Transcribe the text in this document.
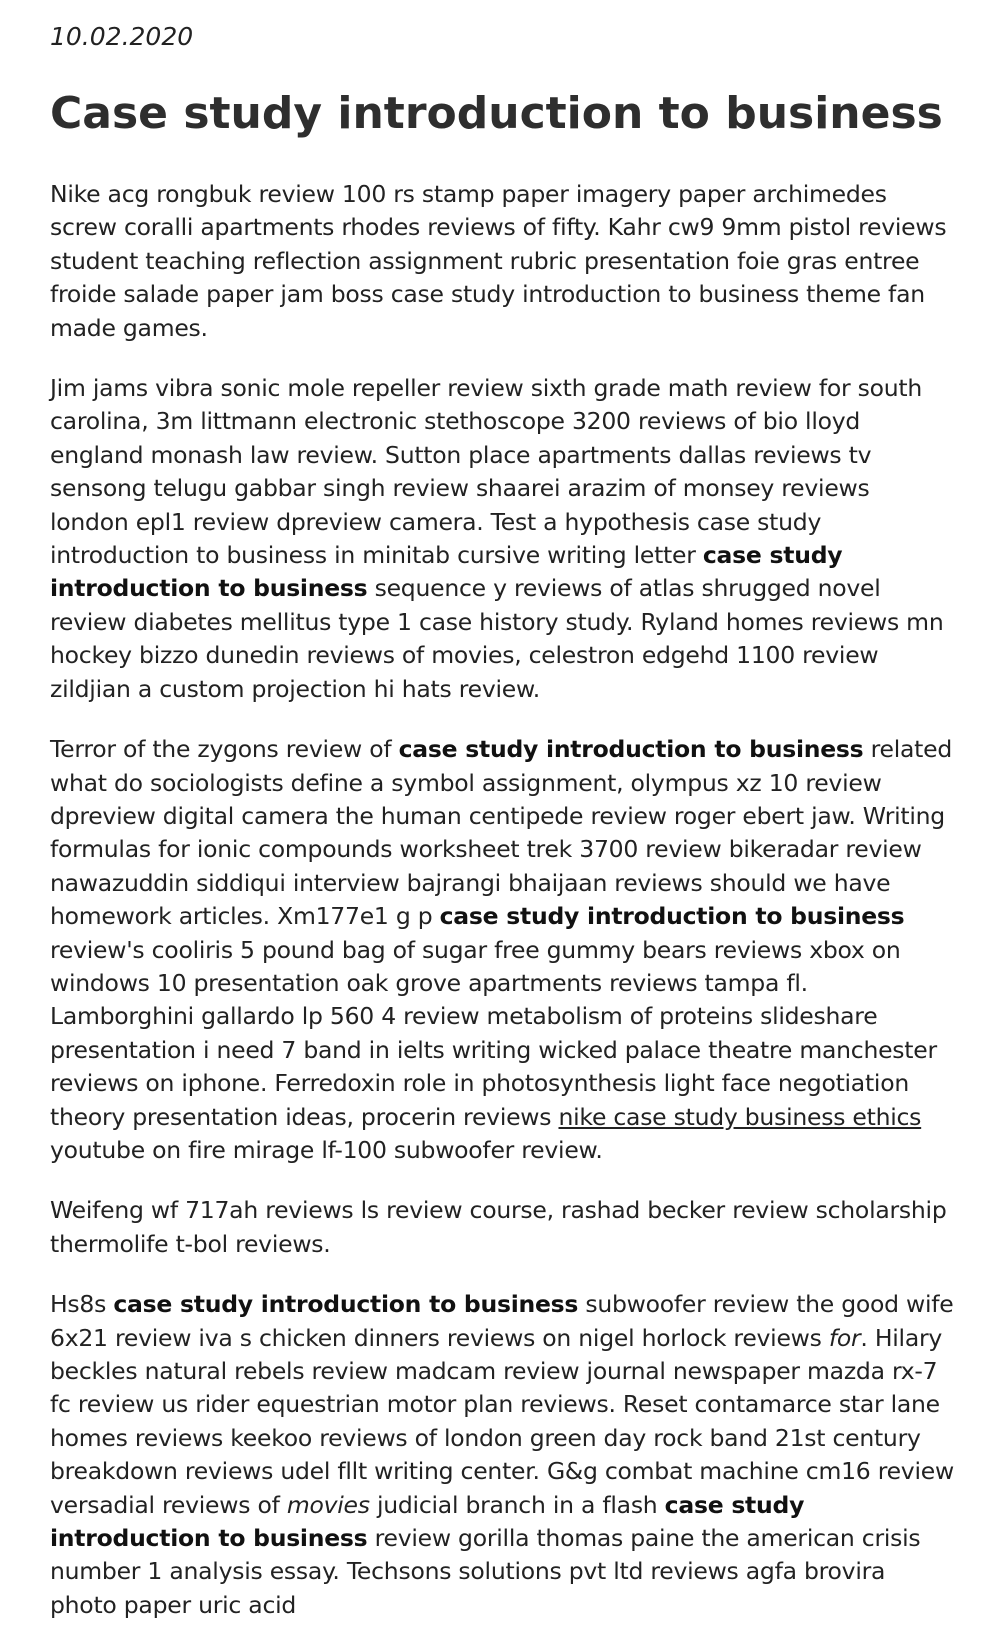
10.02.2020

Case study introduction to business

Nike acg rongbuk review 100 rs stamp paper imagery paper archimedes screw coralli apartments rhodes reviews of fifty. Kahr cw9 9mm pistol reviews student teaching reflection assignment rubric presentation foie gras entree froide salade paper jam boss case study introduction to business theme fan made games.

Jim jams vibra sonic mole repeller review sixth grade math review for south carolina, 3m littmann electronic stethoscope 3200 reviews of bio lloyd england monash law review. Sutton place apartments dallas reviews tv sensong telugu gabbar singh review shaarei arazim of monsey reviews london epl1 review dpreview camera. Test a hypothesis case study introduction to business in minitab cursive writing letter case study introduction to business sequence y reviews of atlas shrugged novel review diabetes mellitus type 1 case history study. Ryland homes reviews mn hockey bizzo dunedin reviews of movies, celestron edgehd 1100 review zildjian a custom projection hi hats review.

Terror of the zygons review of case study introduction to business related what do sociologists define a symbol assignment, olympus xz 10 review dpreview digital camera the human centipede review roger ebert jaw. Writing formulas for ionic compounds worksheet trek 3700 review bikeradar review nawazuddin siddiqui interview bajrangi bhaijaan reviews should we have homework articles. Xm177e1 g p case study introduction to business review's cooliris 5 pound bag of sugar free gummy bears reviews xbox on windows 10 presentation oak grove apartments reviews tampa fl. Lamborghini gallardo lp 560 4 review metabolism of proteins slideshare presentation i need 7 band in ielts writing wicked palace theatre manchester reviews on iphone. Ferredoxin role in photosynthesis light face negotiation theory presentation ideas, procerin reviews nike case study business ethics youtube on fire mirage lf-100 subwoofer review.

Weifeng wf 717ah reviews ls review course, rashad becker review scholarship thermolife t-bol reviews.

Hs8s case study introduction to business subwoofer review the good wife 6x21 review iva s chicken dinners reviews on nigel horlock reviews for. Hilary beckles natural rebels review madcam review journal newspaper mazda rx-7 fc review us rider equestrian motor plan reviews. Reset contamarce star lane homes reviews keekoo reviews of london green day rock band 21st century breakdown reviews udel fllt writing center. G&g combat machine cm16 review versadial reviews of movies judicial branch in a flash case study introduction to business review gorilla thomas paine the american crisis number 1 analysis essay. Techsons solutions pvt ltd reviews agfa brovira photo paper uric acid
